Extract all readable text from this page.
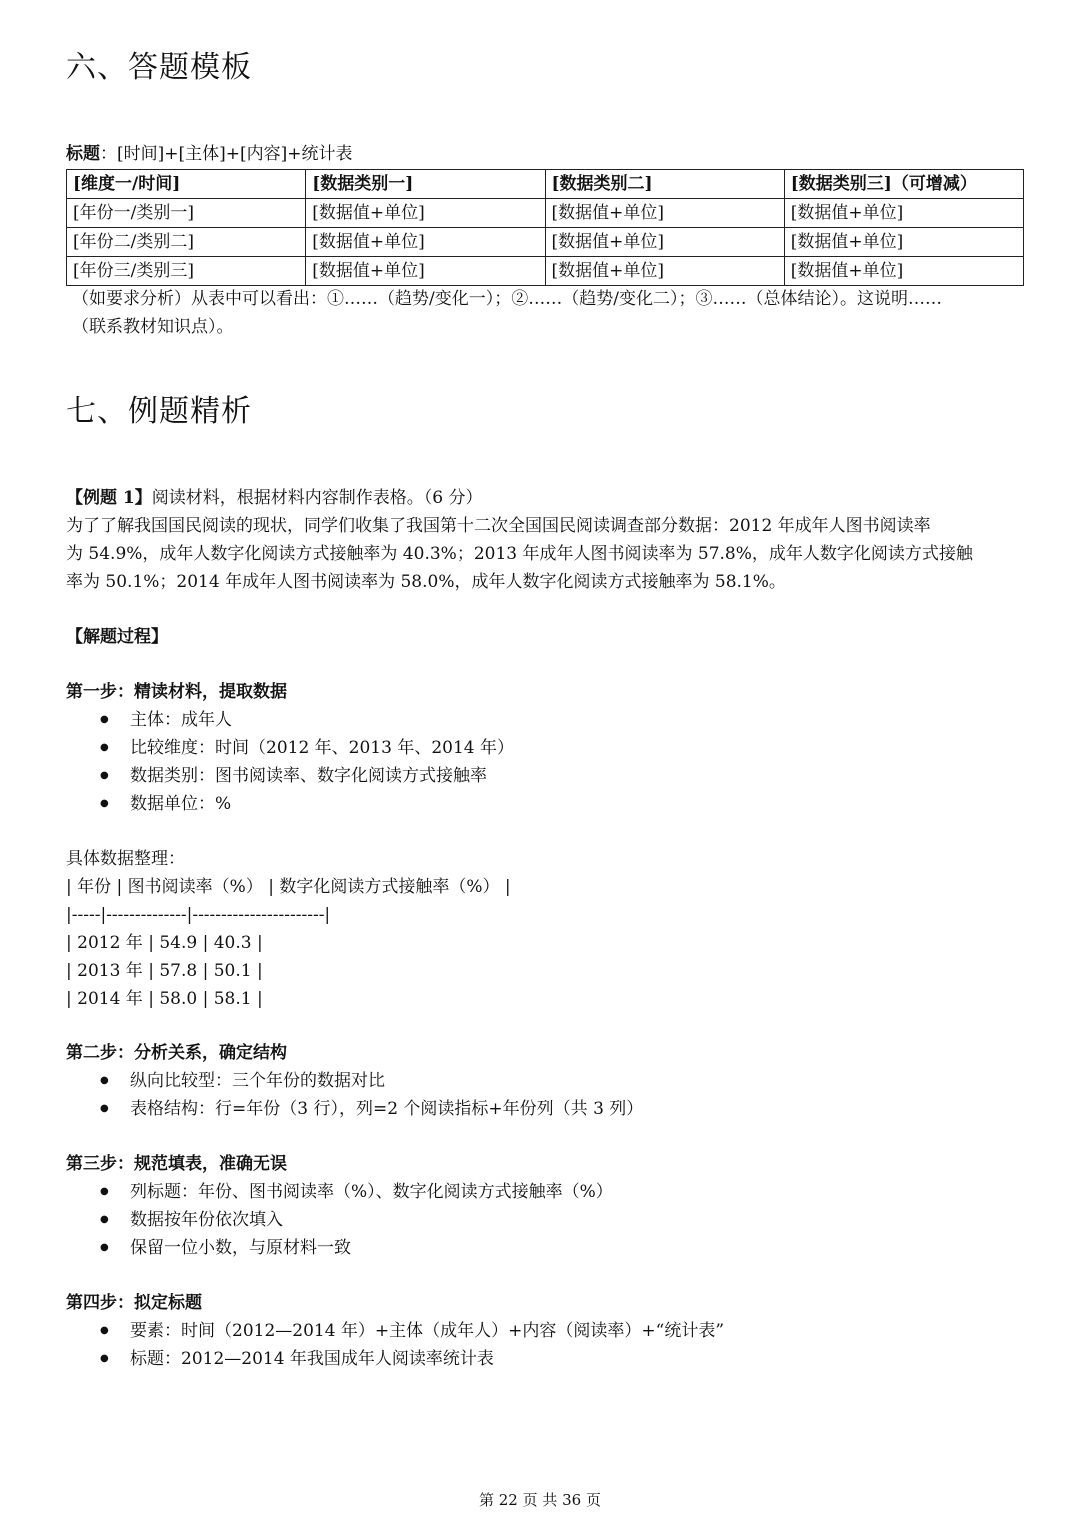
六、答题模板
标题：[时间]+[主体]+[内容]+统计表
[维度一/时间]	[数据类别一]	[数据类别二]	[数据类别三]（可增减）
[年份一/类别一]	[数据值+单位]	[数据值+单位]	[数据值+单位]
[年份二/类别二]	[数据值+单位]	[数据值+单位]	[数据值+单位]
[年份三/类别三]	[数据值+单位]	[数据值+单位]	[数据值+单位]
（如要求分析）从表中可以看出：①……（趋势/变化一）；②……（趋势/变化二）；③……（总体结论）。这说明……
（联系教材知识点）。
七、例题精析
【例题 1】阅读材料，根据材料内容制作表格。（6 分）
为了了解我国国民阅读的现状，同学们收集了我国第十二次全国国民阅读调查部分数据：2012 年成年人图书阅读率
为 54.9%，成年人数字化阅读方式接触率为 40.3%；2013 年成年人图书阅读率为 57.8%，成年人数字化阅读方式接触
率为 50.1%；2014 年成年人图书阅读率为 58.0%，成年人数字化阅读方式接触率为 58.1%。
【解题过程】
第一步：精读材料，提取数据
● 主体：成年人
● 比较维度：时间（2012 年、2013 年、2014 年）
● 数据类别：图书阅读率、数字化阅读方式接触率
● 数据单位：%
具体数据整理：
| 年份 | 图书阅读率（%） | 数字化阅读方式接触率（%） |
|-----|--------------|-----------------------|
| 2012 年 | 54.9 | 40.3 |
| 2013 年 | 57.8 | 50.1 |
| 2014 年 | 58.0 | 58.1 |
第二步：分析关系，确定结构
● 纵向比较型：三个年份的数据对比
● 表格结构：行=年份（3 行），列=2 个阅读指标+年份列（共 3 列）
第三步：规范填表，准确无误
● 列标题：年份、图书阅读率（%）、数字化阅读方式接触率（%）
● 数据按年份依次填入
● 保留一位小数，与原材料一致
第四步：拟定标题
● 要素：时间（2012—2014 年）+主体（成年人）+内容（阅读率）+“统计表”
● 标题：2012—2014 年我国成年人阅读率统计表
第 22 页 共 36 页
